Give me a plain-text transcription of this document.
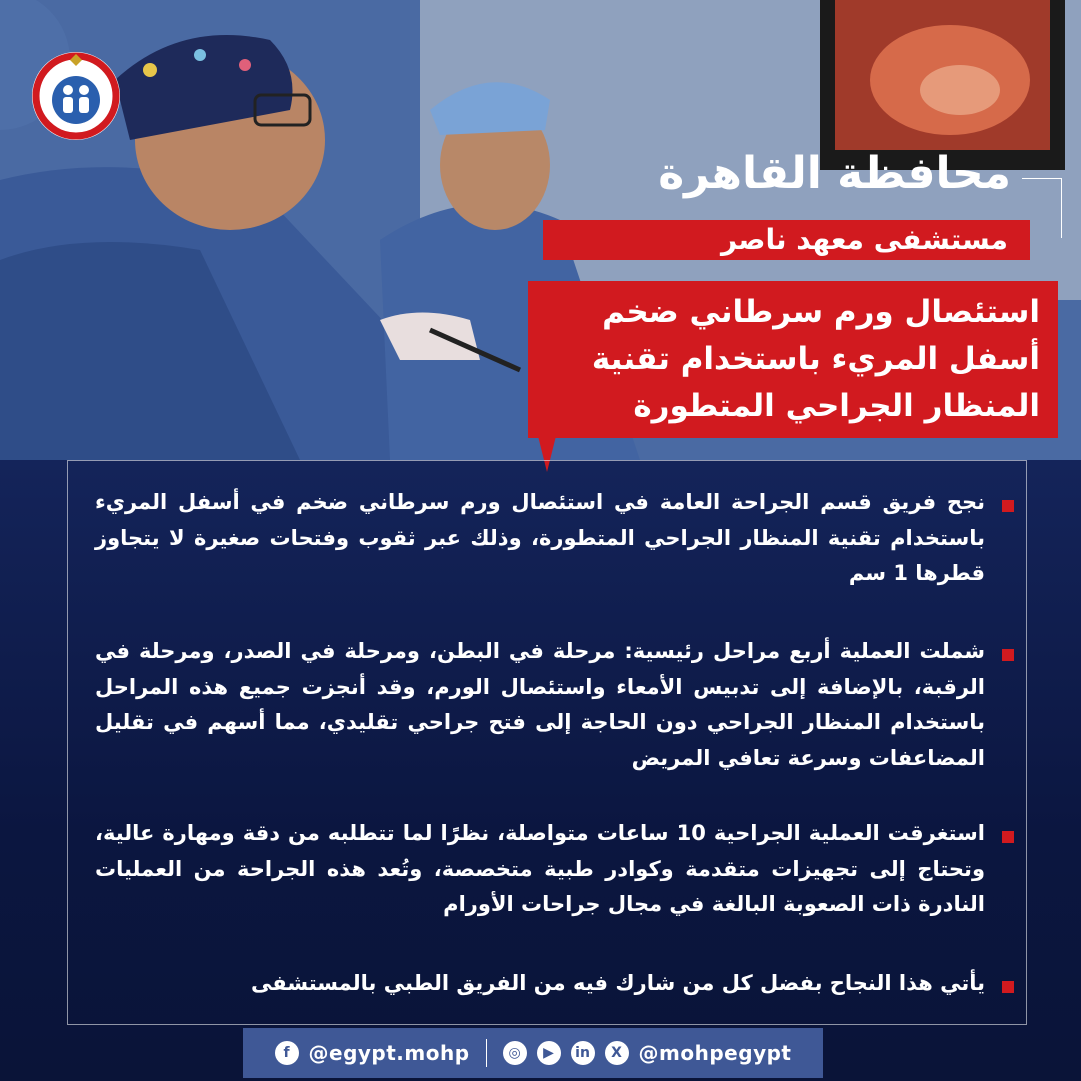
محافظة القاهرة
مستشفى معهد ناصر
استئصال ورم سرطاني ضخم أسفل المريء باستخدام تقنية المنظار الجراحي المتطورة
نجح فريق قسم الجراحة العامة في استئصال ورم سرطاني ضخم في أسفل المريء باستخدام تقنية المنظار الجراحي المتطورة، وذلك عبر ثقوب وفتحات صغيرة لا يتجاوز قطرها 1 سم
شملت العملية أربع مراحل رئيسية: مرحلة في البطن، ومرحلة في الصدر، ومرحلة في الرقبة، بالإضافة إلى تدبيس الأمعاء واستئصال الورم، وقد أنجزت جميع هذه المراحل باستخدام المنظار الجراحي دون الحاجة إلى فتح جراحي تقليدي، مما أسهم في تقليل المضاعفات وسرعة تعافي المريض
استغرقت العملية الجراحية 10 ساعات متواصلة، نظرًا لما تتطلبه من دقة ومهارة عالية، وتحتاج إلى تجهيزات متقدمة وكوادر طبية متخصصة، وتُعد هذه الجراحة من العمليات النادرة ذات الصعوبة البالغة في مجال جراحات الأورام
يأتي هذا النجاح بفضل كل من شارك فيه من الفريق الطبي بالمستشفى
f @egypt.mohp	◎	▶	in	X @mohpegypt
